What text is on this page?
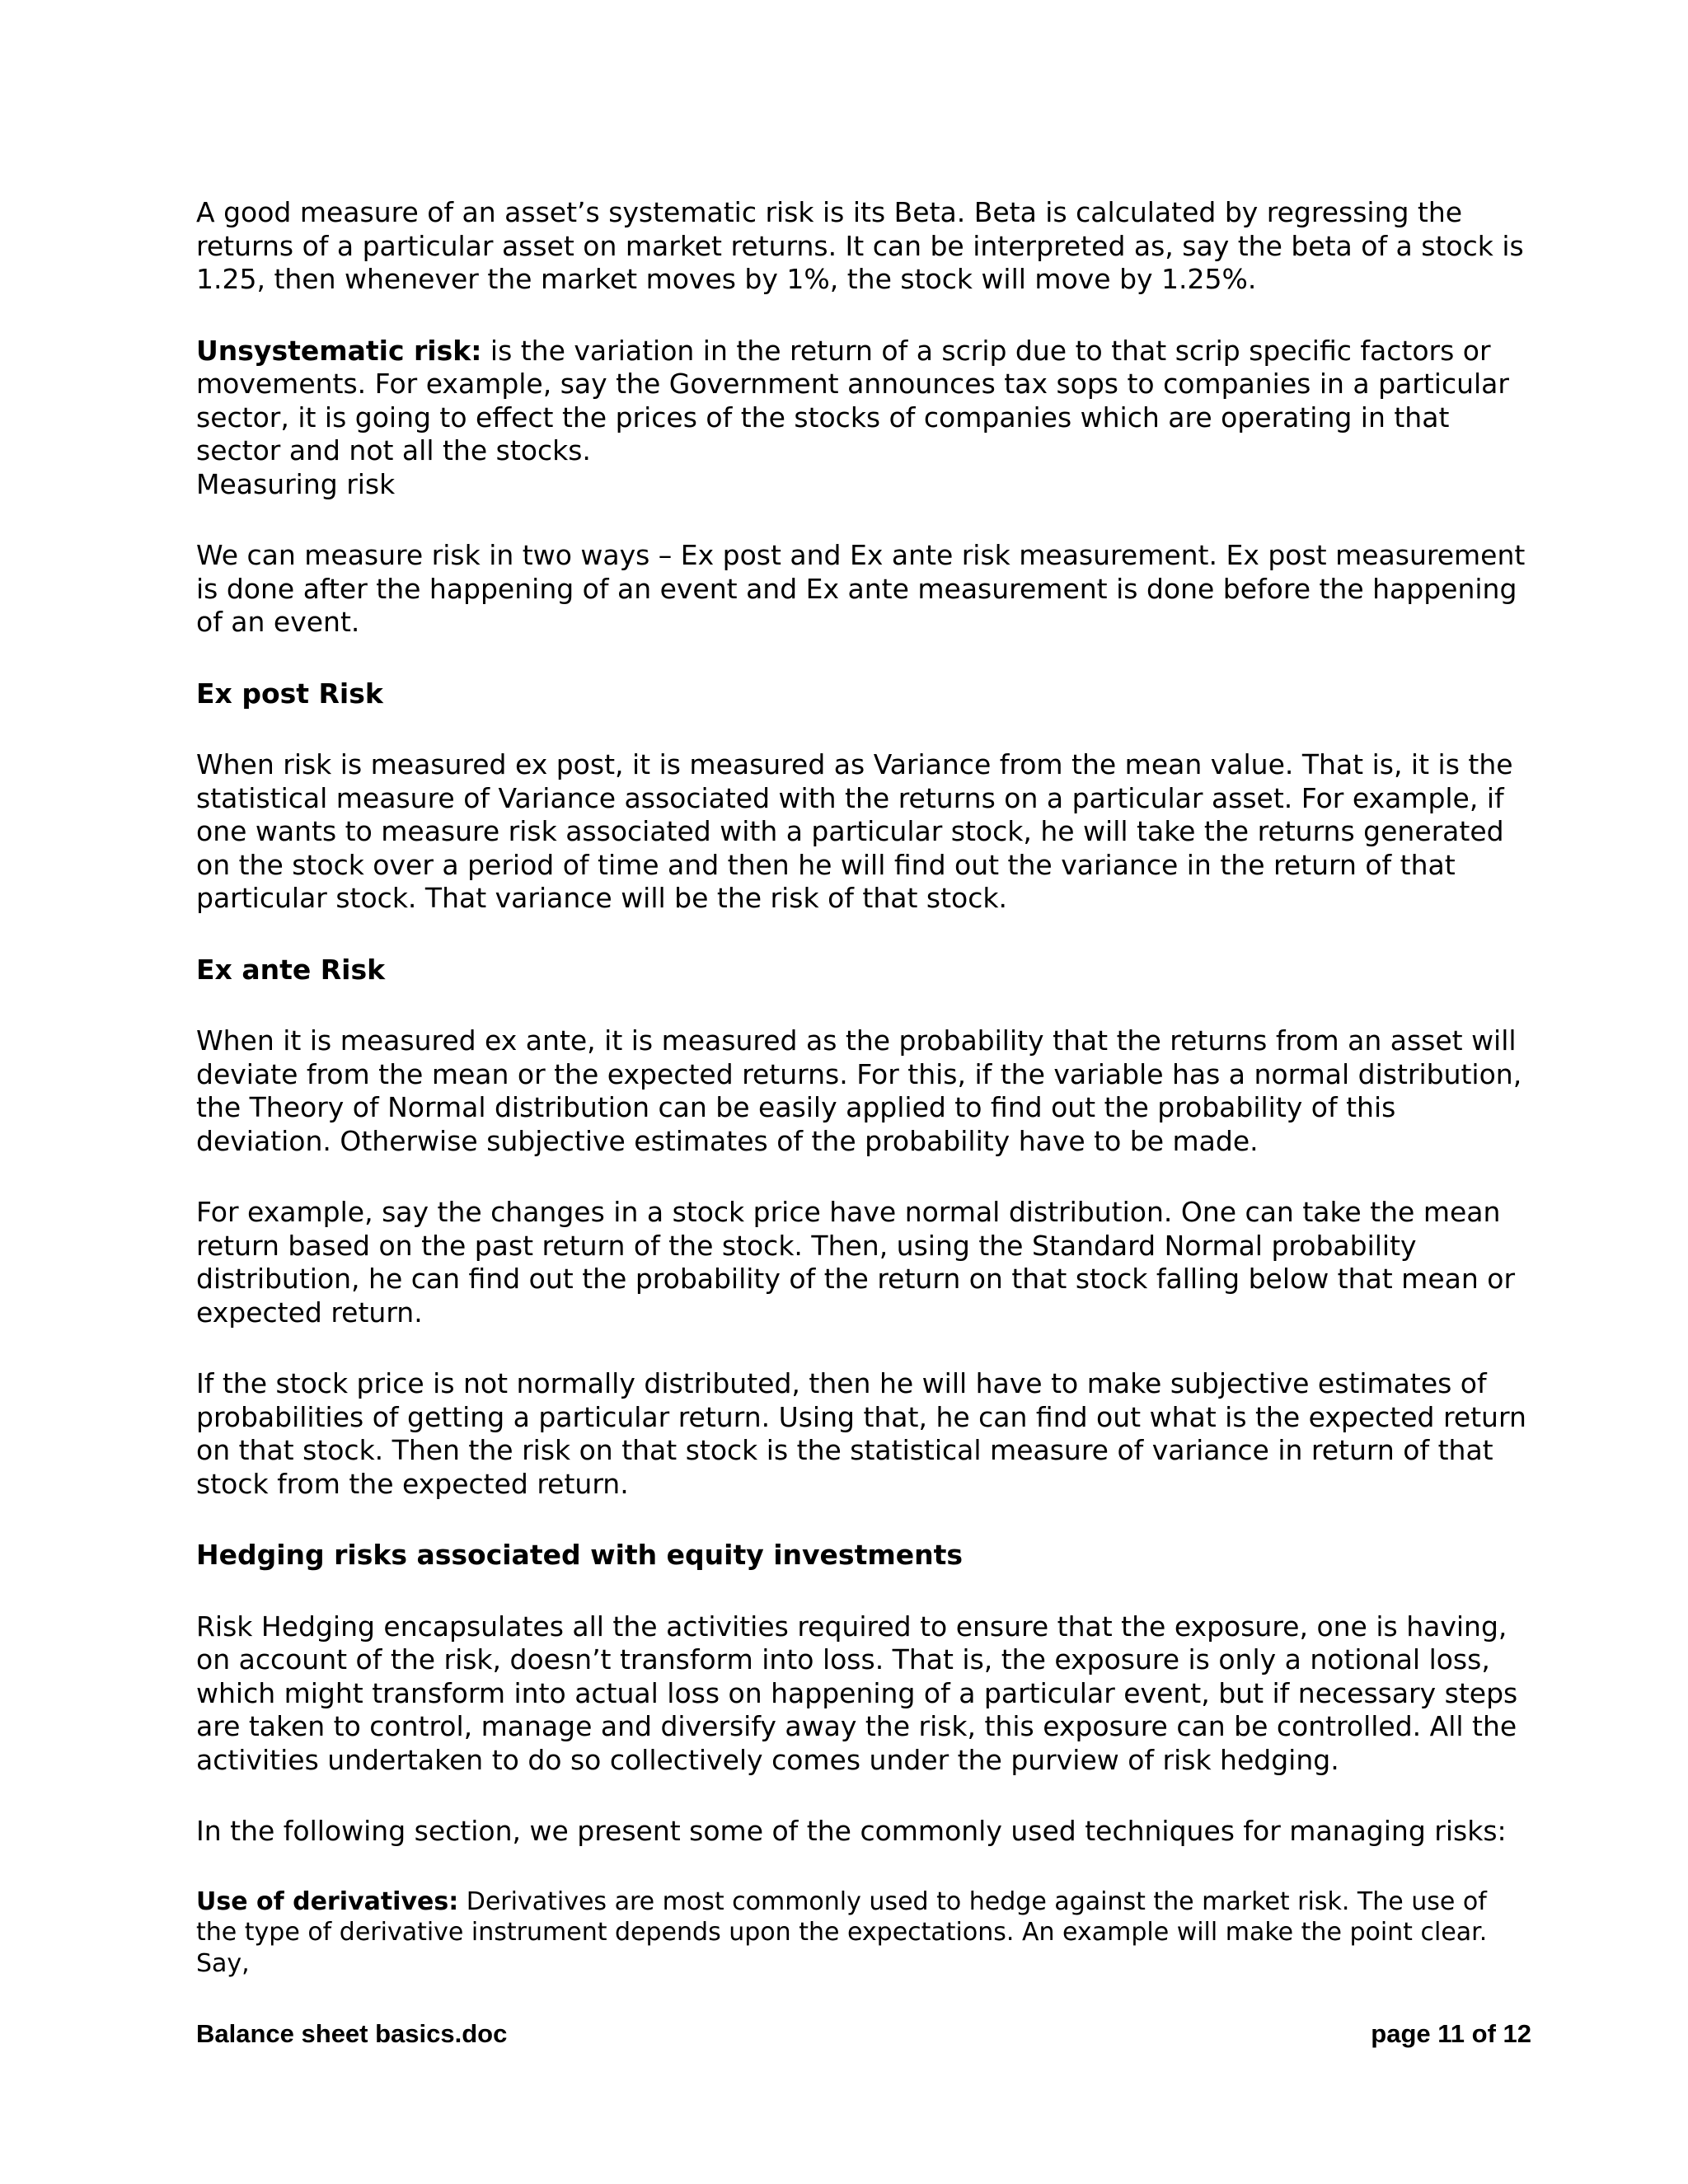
A good measure of an asset’s systematic risk is its Beta. Beta is calculated by regressing the returns of a particular asset on market returns. It can be interpreted as, say the beta of a stock is 1.25, then whenever the market moves by 1%, the stock will move by 1.25%.

Unsystematic risk: is the variation in the return of a scrip due to that scrip specific factors or movements. For example, say the Government announces tax sops to companies in a particular sector, it is going to effect the prices of the stocks of companies which are operating in that sector and not all the stocks.

Measuring risk

We can measure risk in two ways – Ex post and Ex ante risk measurement. Ex post measurement is done after the happening of an event and Ex ante measurement is done before the happening of an event.

Ex post Risk

When risk is measured ex post, it is measured as Variance from the mean value. That is, it is the statistical measure of Variance associated with the returns on a particular asset. For example, if one wants to measure risk associated with a particular stock, he will take the returns generated on the stock over a period of time and then he will find out the variance in the return of that particular stock. That variance will be the risk of that stock.

Ex ante Risk

When it is measured ex ante, it is measured as the probability that the returns from an asset will deviate from the mean or the expected returns. For this, if the variable has a normal distribution, the Theory of Normal distribution can be easily applied to find out the probability of this deviation. Otherwise subjective estimates of the probability have to be made.

For example, say the changes in a stock price have normal distribution. One can take the mean return based on the past return of the stock. Then, using the Standard Normal probability distribution, he can find out the probability of the return on that stock falling below that mean or expected return.

If the stock price is not normally distributed, then he will have to make subjective estimates of probabilities of getting a particular return. Using that, he can find out what is the expected return on that stock. Then the risk on that stock is the statistical measure of variance in return of that stock from the expected return.

Hedging risks associated with equity investments

Risk Hedging encapsulates all the activities required to ensure that the exposure, one is having, on account of the risk, doesn’t transform into loss. That is, the exposure is only a notional loss, which might transform into actual loss on happening of a particular event, but if necessary steps are taken to control, manage and diversify away the risk, this exposure can be controlled. All the activities undertaken to do so collectively comes under the purview of risk hedging.

In the following section, we present some of the commonly used techniques for managing risks:

Use of derivatives: Derivatives are most commonly used to hedge against the market risk. The use of the type of derivative instrument depends upon the expectations. An example will make the point clear. Say,

Balance sheet basics.doc	page 11 of 12
